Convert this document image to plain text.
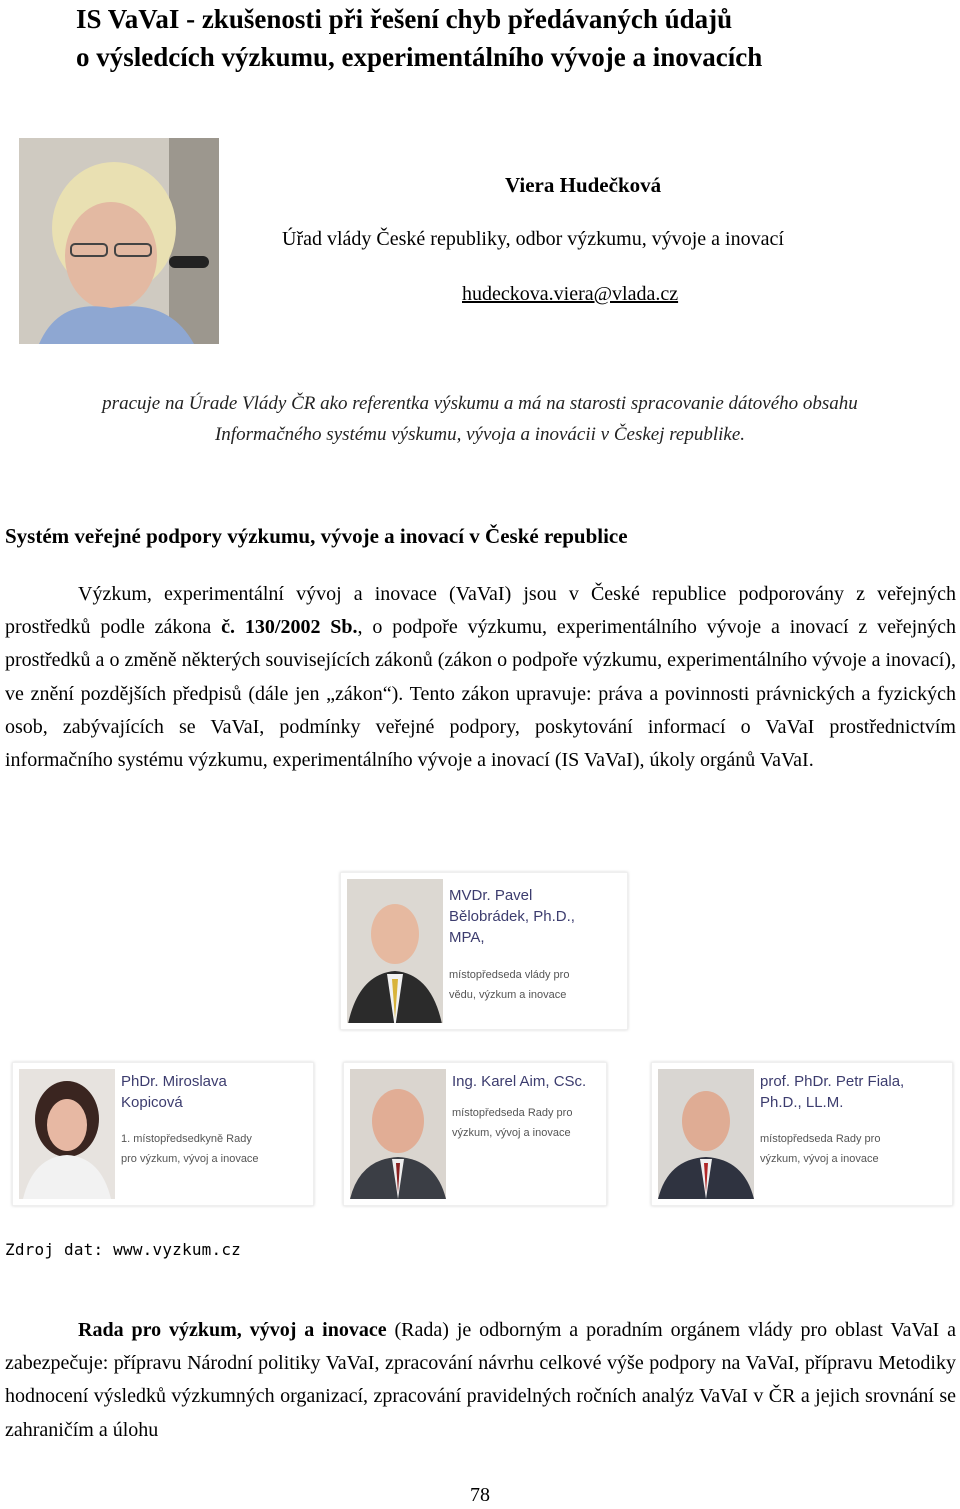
IS VaVaI - zkušenosti při řešení chyb předávaných údajů
o výsledcích výzkumu, experimentálního vývoje a inovacích
Viera Hudečková
Úřad vlády České republiky, odbor výzkumu, vývoje a inovací
hudeckova.viera@vlada.cz
pracuje na Úrade Vlády ČR ako referentka výskumu a má na starosti spracovanie dátového obsahu
Informačného systému výskumu, vývoja a inovácii v Českej republike.
Systém veřejné podpory výzkumu, vývoje a inovací v České republice
Výzkum, experimentální vývoj a inovace (VaVaI) jsou v České republice podporovány z veřejných prostředků podle zákona č. 130/2002 Sb., o podpoře výzkumu, experimentálního vývoje a inovací z veřejných prostředků a o změně některých souvisejících zákonů (zákon o podpoře výzkumu, experimentálního vývoje a inovací), ve znění pozdějších předpisů (dále jen „zákon“). Tento zákon upravuje: práva a povinnosti právnických a fyzických osob, zabývajících se VaVaI, podmínky veřejné podpory, poskytování informací o VaVaI prostřednictvím informačního systému výzkumu, experimentálního vývoje a inovací (IS VaVaI), úkoly orgánů VaVaI.
MVDr. Pavel
Bělobrádek, Ph.D.,
MPA,
místopředseda vlády pro
vědu, výzkum a inovace
PhDr. Miroslava
Kopicová
1. místopředsedkyně Rady
pro výzkum, vývoj a inovace
Ing. Karel Aim, CSc.
místopředseda Rady pro
výzkum, vývoj a inovace
prof. PhDr. Petr Fiala,
Ph.D., LL.M.
místopředseda Rady pro
výzkum, vývoj a inovace
Zdroj dat: www.vyzkum.cz
Rada pro výzkum, vývoj a inovace (Rada) je odborným a poradním orgánem vlády pro oblast VaVaI a zabezpečuje: přípravu Národní politiky VaVaI, zpracování návrhu celkové výše podpory na VaVaI, přípravu Metodiky hodnocení výsledků výzkumných organizací, zpracování pravidelných ročních analýz VaVaI v ČR a jejich srovnání se zahraničím a úlohu
78
